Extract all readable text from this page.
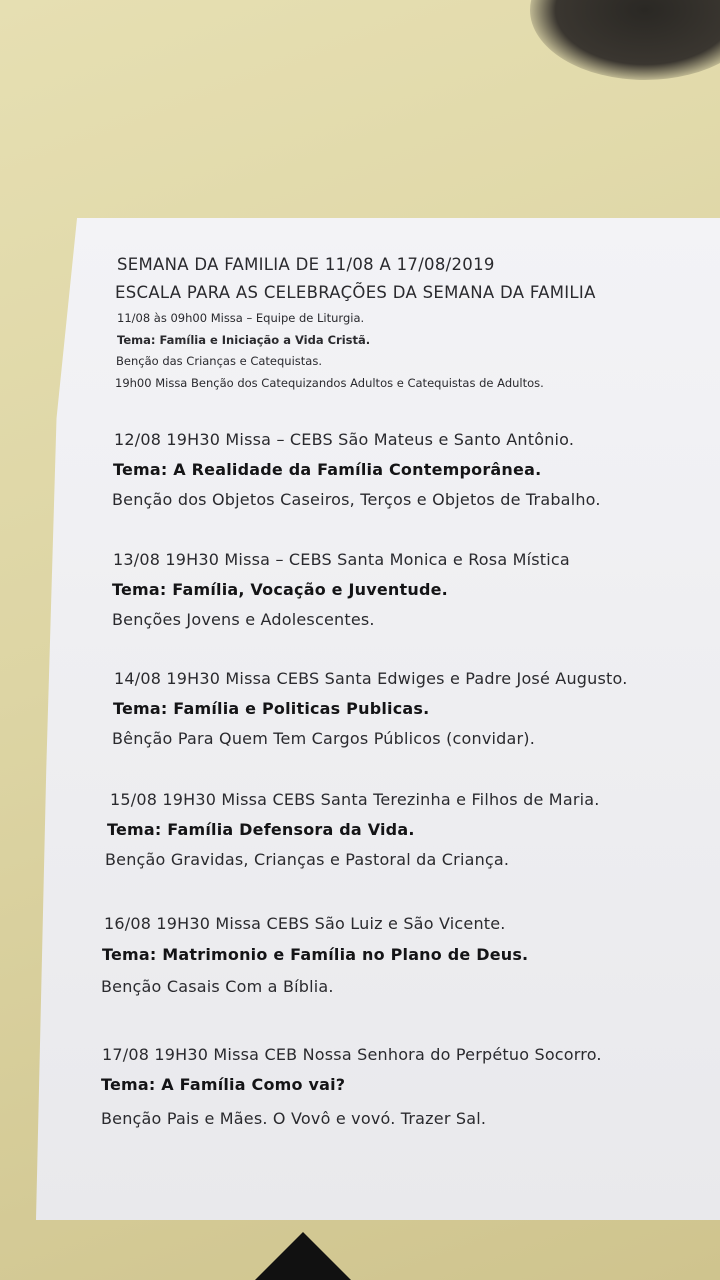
SEMANA DA FAMILIA DE 11/08 A 17/08/2019
ESCALA PARA AS CELEBRAÇÕES DA SEMANA DA FAMILIA
11/08 às 09h00 Missa – Equipe de Liturgia.
Tema: Família e Iniciação a Vida Cristã.
Benção das Crianças e Catequistas.
19h00 Missa Benção dos Catequizandos Adultos e Catequistas de Adultos.
12/08 19H30 Missa – CEBS São Mateus e Santo Antônio.
Tema: A Realidade da Família Contemporânea.
Benção dos Objetos Caseiros, Terços e Objetos de Trabalho.
13/08 19H30 Missa – CEBS Santa Monica e Rosa Mística
Tema: Família, Vocação e Juventude.
Benções Jovens e Adolescentes.
14/08 19H30 Missa CEBS Santa Edwiges e Padre José Augusto.
Tema: Família e Politicas Publicas.
Bênção Para Quem Tem Cargos Públicos (convidar).
15/08 19H30 Missa CEBS Santa Terezinha e Filhos de Maria.
Tema: Família Defensora da Vida.
Benção Gravidas, Crianças e Pastoral da Criança.
16/08 19H30 Missa CEBS São Luiz e São Vicente.
Tema: Matrimonio e Família no Plano de Deus.
Benção Casais Com a Bíblia.
17/08 19H30 Missa CEB Nossa Senhora do Perpétuo Socorro.
Tema: A Família Como vai?
Benção Pais e Mães. O Vovô e vovó. Trazer Sal.
